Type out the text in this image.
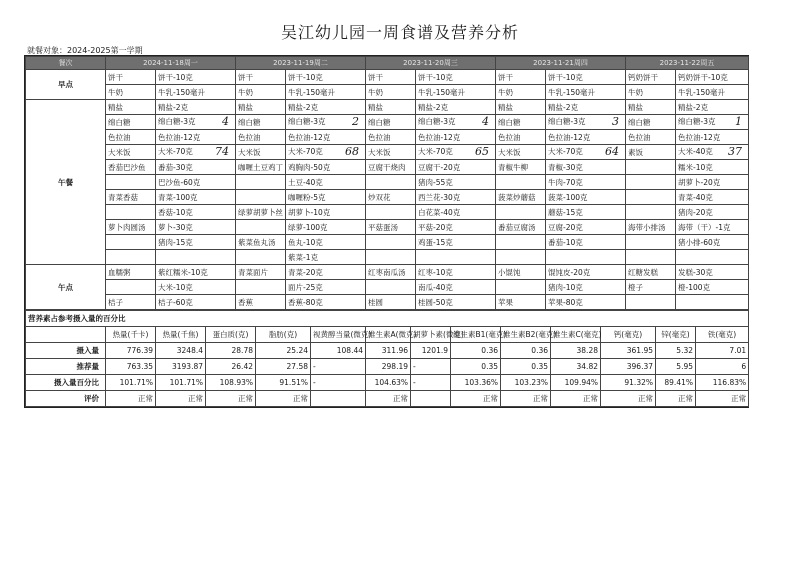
吴江幼儿园一周食谱及营养分析
就餐对象：2024-2025第一学期
餐次	2024-11-18周一		2023-11-19周二		2023-11-20周三		2023-11-21周四		2023-11-22周五	
早点	饼干	饼干-10克	饼干	饼干-10克	饼干	饼干-10克	饼干	饼干-10克	钙奶饼干	钙奶饼干-10克
	牛奶	牛乳-150毫升	牛奶	牛乳-150毫升	牛奶	牛乳-150毫升	牛奶	牛乳-150毫升	牛奶	牛乳-150毫升
午餐	精盐	精盐-2克	精盐	精盐-2克	精盐	精盐-2克	精盐	精盐-2克	精盐	精盐-2克
	绵白糖	绵白糖-3克 4	绵白糖	绵白糖-3克 2	绵白糖	绵白糖-3克 4	绵白糖	绵白糖-3克 3	绵白糖	绵白糖-3克 1

	色拉油	色拉油-12克	色拉油	色拉油-12克	色拉油	色拉油-12克	色拉油	色拉油-12克	色拉油	色拉油-12克
	大米饭	大米-70克 74	大米饭	大米-70克 68	大米饭	大米-70克 65	大米饭	大米-70克 64	素饭	大米-40克 37

	香茄巴沙鱼	番茄-30克	咖喱土豆鸡丁	鸡胸肉-50克	豆腐干烧肉	豆腐干-20克	青椒牛柳	青椒-30克		糯米-10克
		巴沙鱼-60克		土豆-40克		猪肉-55克		牛肉-70克		胡萝卜-20克
	青菜香菇	青菜-100克		咖喱粉-5克	炒双花	西兰花-30克	菠菜炒蘑菇	菠菜-100克		青菜-40克
		香菇-10克	绿萝胡萝卜丝	胡萝卜-10克		白花菜-40克		蘑菇-15克		猪肉-20克
	萝卜肉圆汤	萝卜-30克		绿萝-100克	平菇蛋汤	平菇-20克	番茄豆腐汤	豆腐-20克	海带小排汤	海带（干）-1克
		猪肉-15克	紫菜鱼丸汤	鱼丸-10克		鸡蛋-15克		番茄-10克		猪小排-60克
				紫菜-1克						
午点	血糯粥	紫红糯米-10克	青菜面片	青菜-20克	红枣南瓜汤	红枣-10克	小馄饨	馄饨皮-20克	红糖发糕	发糕-30克
		大米-10克		面片-25克		南瓜-40克		猪肉-10克	橙子	橙-100克
	桔子	桔子-60克	香蕉	香蕉-80克	桂圆	桂圆-50克	苹果	苹果-80克		
营养素占参考摄入量的百分比													
	热量(千卡)	热量(千焦)	蛋白质(克)	脂肪(克)	视黄醇当量(微克)	维生素A(微克)	胡萝卜素(微克)	维生素B1(毫克)	维生素B2(毫克)	维生素C(毫克)	钙(毫克)	锌(毫克)	铁(毫克)
摄入量	776.39	3248.4	28.78	25.24	108.44	311.96	1201.9	0.36	0.36	38.28	361.95	5.32	7.01
推荐量	763.35	3193.87	26.42	27.58	-	298.19	-	0.35	0.35	34.82	396.37	5.95	6
摄入量百分比	101.71%	101.71%	108.93%	91.51%	-	104.63%	-	103.36%	103.23%	109.94%	91.32%	89.41%	116.83%
评价	正常	正常	正常	正常		正常		正常	正常	正常	正常	正常	正常
